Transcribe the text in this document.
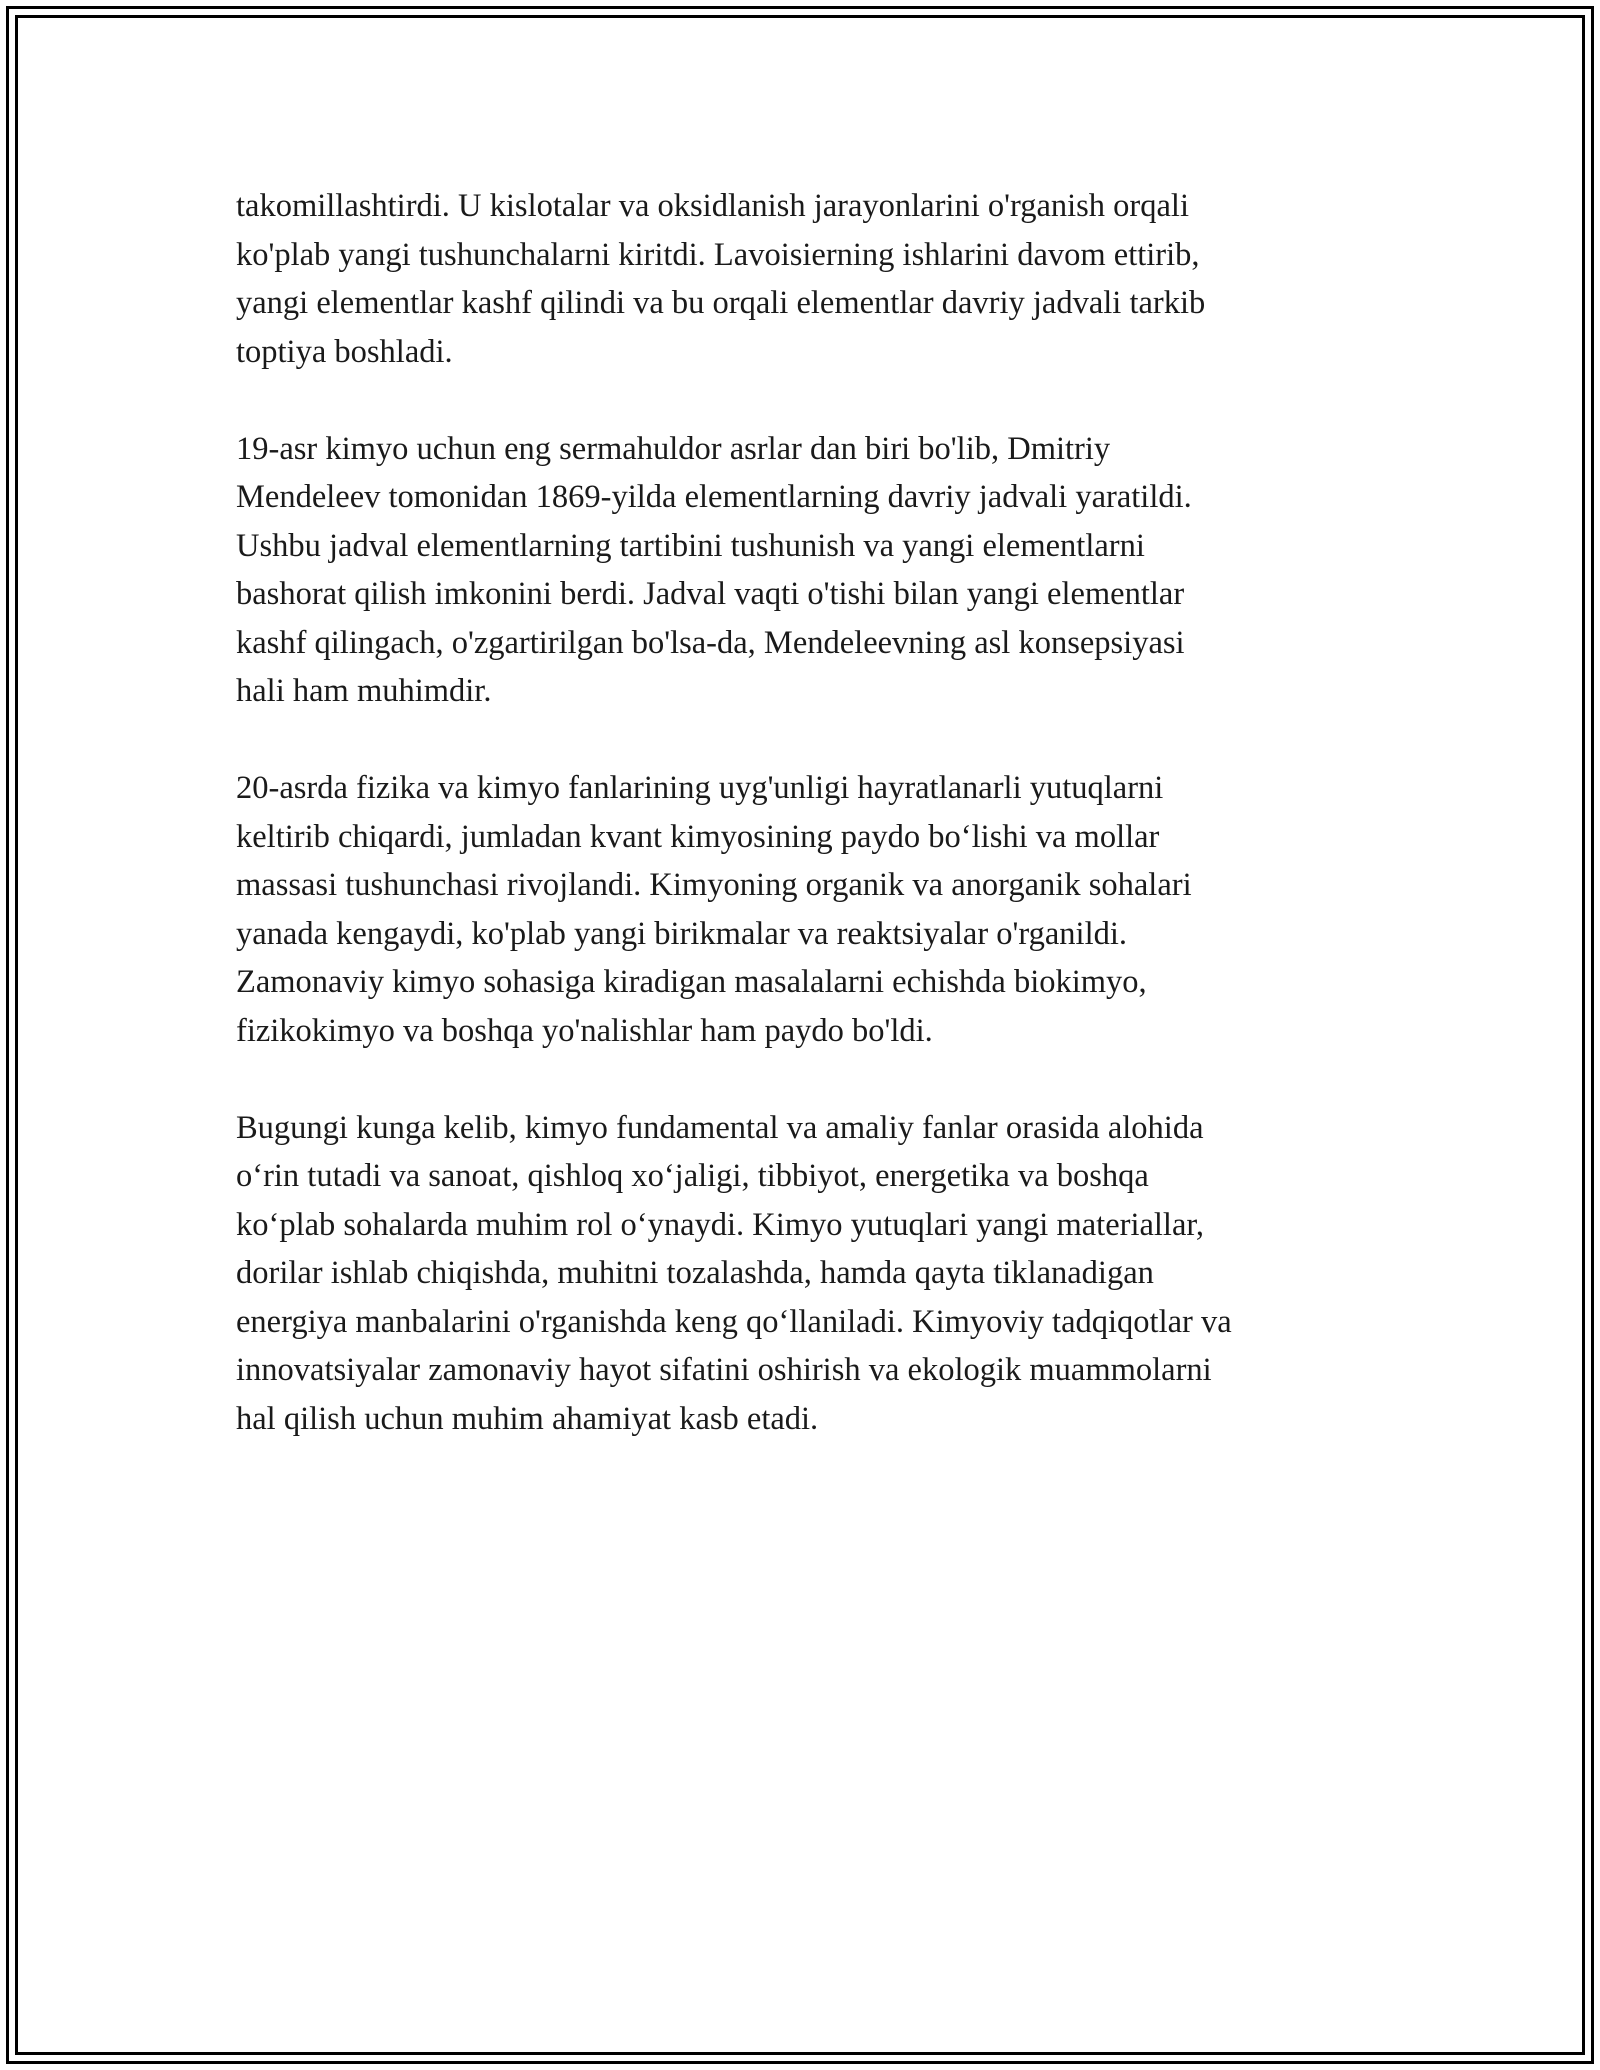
takomillashtirdi. U kislotalar va oksidlanish jarayonlarini o'rganish orqali
ko'plab yangi tushunchalarni kiritdi. Lavoisierning ishlarini davom ettirib,
yangi elementlar kashf qilindi va bu orqali elementlar davriy jadvali tarkib
toptiya boshladi.

19-asr kimyo uchun eng sermahuldor asrlar dan biri bo'lib, Dmitriy
Mendeleev tomonidan 1869-yilda elementlarning davriy jadvali yaratildi.
Ushbu jadval elementlarning tartibini tushunish va yangi elementlarni
bashorat qilish imkonini berdi. Jadval vaqti o'tishi bilan yangi elementlar
kashf qilingach, o'zgartirilgan bo'lsa-da, Mendeleevning asl konsepsiyasi
hali ham muhimdir.

20-asrda fizika va kimyo fanlarining uyg'unligi hayratlanarli yutuqlarni
keltirib chiqardi, jumladan kvant kimyosining paydo bo‘lishi va mollar
massasi tushunchasi rivojlandi. Kimyoning organik va anorganik sohalari
yanada kengaydi, ko'plab yangi birikmalar va reaktsiyalar o'rganildi.
Zamonaviy kimyo sohasiga kiradigan masalalarni echishda biokimyo,
fizikokimyo va boshqa yo'nalishlar ham paydo bo'ldi.

Bugungi kunga kelib, kimyo fundamental va amaliy fanlar orasida alohida
o‘rin tutadi va sanoat, qishloq xo‘jaligi, tibbiyot, energetika va boshqa
ko‘plab sohalarda muhim rol o‘ynaydi. Kimyo yutuqlari yangi materiallar,
dorilar ishlab chiqishda, muhitni tozalashda, hamda qayta tiklanadigan
energiya manbalarini o'rganishda keng qo‘llaniladi. Kimyoviy tadqiqotlar va
innovatsiyalar zamonaviy hayot sifatini oshirish va ekologik muammolarni
hal qilish uchun muhim ahamiyat kasb etadi.
